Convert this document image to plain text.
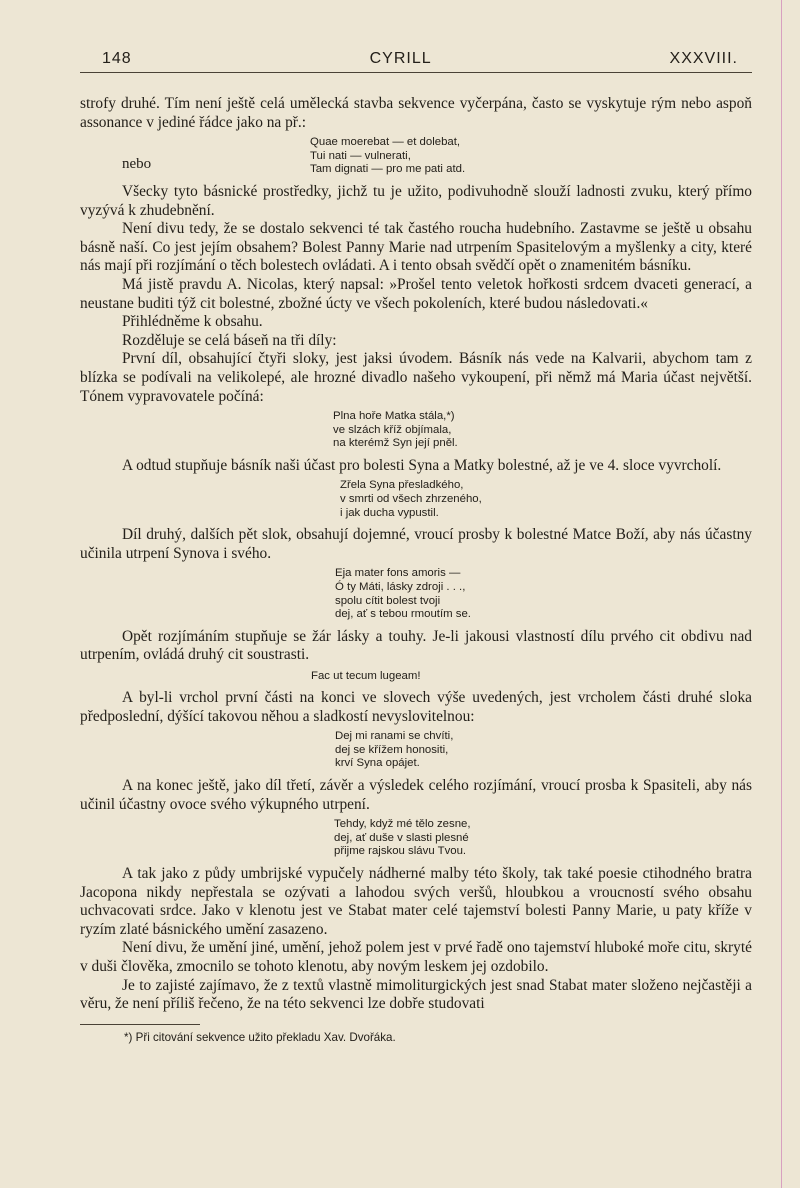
148	CYRILL	XXXVIII.

strofy druhé. Tím není ještě celá umělecká stavba sekvence vyčerpána, často se vyskytuje rým nebo aspoň assonance v jediné řádce jako na př.:

Quae moerebat — et dolebat,
nebo	Tui nati — vulnerati,
Tam dignati — pro me pati atd.

Všecky tyto básnické prostředky, jichž tu je užito, podivuhodně slouží ladnosti zvuku, který přímo vyzývá k zhudebnění.

Není divu tedy, že se dostalo sekvenci té tak častého roucha hudebního. Zastavme se ještě u obsahu básně naší. Co jest jejím obsahem? Bolest Panny Marie nad utrpením Spasitelovým a myšlenky a city, které nás mají při rozjímání o těch bolestech ovládati. A i tento obsah svědčí opět o znamenitém básníku.

Má jistě pravdu A. Nicolas, který napsal: »Prošel tento veletok hořkosti srdcem dvaceti generací, a neustane buditi týž cit bolestné, zbožné úcty ve všech pokoleních, které budou následovati.«

Přihlédněme k obsahu.

Rozděluje se celá báseň na tři díly:

První díl, obsahující čtyři sloky, jest jaksi úvodem. Básník nás vede na Kalvarii, abychom tam z blízka se podívali na velikolepé, ale hrozné divadlo našeho vykoupení, při němž má Maria účast největší. Tónem vypravovatele počíná:

Plna hoře Matka stála,*)
ve slzách kříž objímala,
na kterémž Syn její pněl.

A odtud stupňuje básník naši účast pro bolesti Syna a Matky bolestné, až je ve 4. sloce vyvrcholí.

Zřela Syna přesladkého,
v smrti od všech zhrzeného,
i jak ducha vypustil.

Díl druhý, dalších pět slok, obsahují dojemné, vroucí prosby k bolestné Matce Boží, aby nás účastny učinila utrpení Synova i svého.

Eja mater fons amoris —
Ó ty Máti, lásky zdroji . . .,
spolu cítit bolest tvoji
dej, ať s tebou rmoutím se.

Opět rozjímáním stupňuje se žár lásky a touhy. Je-li jakousi vlastností dílu prvého cit obdivu nad utrpením, ovládá druhý cit soustrasti.

Fac ut tecum lugeam!

A byl-li vrchol první části na konci ve slovech výše uvedených, jest vrcholem části druhé sloka předposlední, dýšící takovou něhou a sladkostí nevyslovitelnou:

Dej mi ranami se chvíti,
dej se křížem honositi,
krví Syna opájet.

A na konec ještě, jako díl třetí, závěr a výsledek celého rozjímání, vroucí prosba k Spasiteli, aby nás učinil účastny ovoce svého výkupného utrpení.

Tehdy, když mé tělo zesne,
dej, ať duše v slasti plesné
přijme rajskou slávu Tvou.

A tak jako z půdy umbrijské vypučely nádherné malby této školy, tak také poesie ctihodného bratra Jacopona nikdy nepřestala se ozývati a lahodou svých veršů, hloubkou a vroucností svého obsahu uchvacovati srdce. Jako v klenotu jest ve Stabat mater celé tajemství bolesti Panny Marie, u paty kříže v ryzím zlaté básnického umění zasazeno.

Není divu, že umění jiné, umění, jehož polem jest v prvé řadě ono tajemství hluboké moře citu, skryté v duši člověka, zmocnilo se tohoto klenotu, aby novým leskem jej ozdobilo.

Je to zajisté zajímavo, že z textů vlastně mimoliturgických jest snad Stabat mater složeno nejčastěji a věru, že není příliš řečeno, že na této sekvenci lze dobře studovati

*) Při citování sekvence užito překladu Xav. Dvořáka.
